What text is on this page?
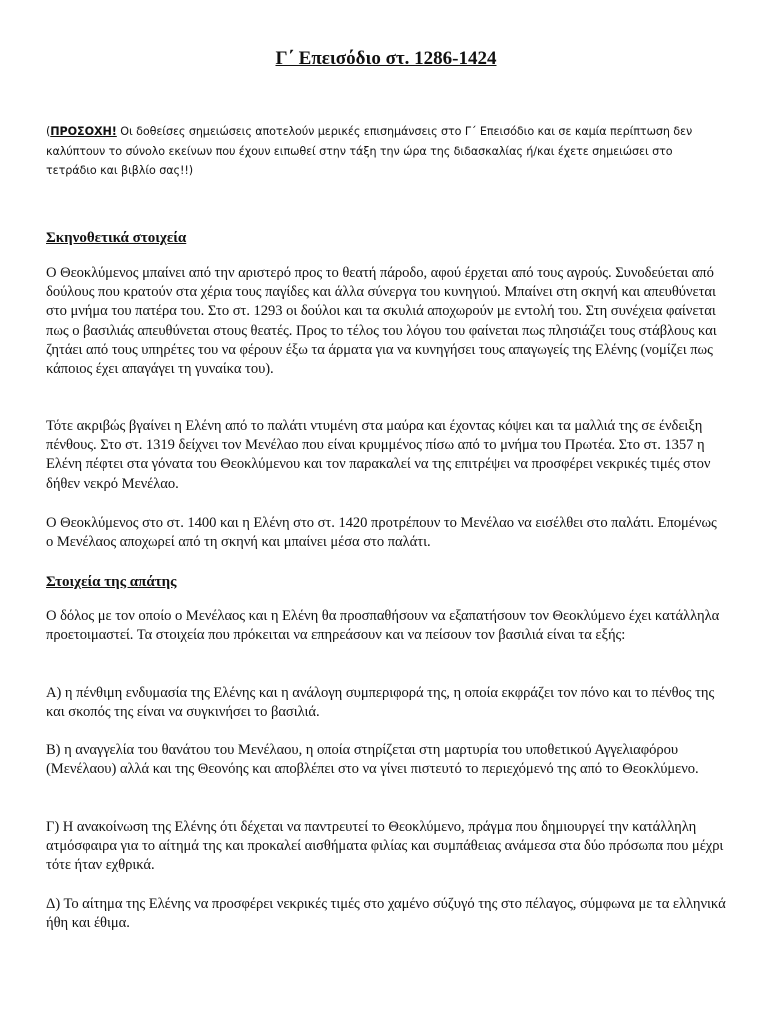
Γ΄ Επεισόδιο στ. 1286-1424
(ΠΡΟΣΟΧΗ! Οι δοθείσες σημειώσεις αποτελούν μερικές επισημάνσεις στο Γ΄ Επεισόδιο και σε καμία περίπτωση δεν καλύπτουν το σύνολο εκείνων που έχουν ειπωθεί στην τάξη την ώρα της διδασκαλίας ή/και έχετε σημειώσει στο τετράδιο και βιβλίο σας!!)
Σκηνοθετικά στοιχεία
Ο Θεοκλύμενος μπαίνει από την αριστερό προς το θεατή πάροδο, αφού έρχεται από τους αγρούς. Συνοδεύεται από δούλους που κρατούν στα χέρια τους παγίδες και άλλα σύνεργα του κυνηγιού. Μπαίνει στη σκηνή και απευθύνεται στο μνήμα του πατέρα του. Στο στ. 1293 οι δούλοι και τα σκυλιά αποχωρούν με εντολή του. Στη συνέχεια φαίνεται πως ο βασιλιάς απευθύνεται στους θεατές. Προς το τέλος του λόγου του φαίνεται πως πλησιάζει τους στάβλους και ζητάει από τους υπηρέτες του να φέρουν έξω τα άρματα για να κυνηγήσει τους απαγωγείς της Ελένης (νομίζει πως κάποιος έχει απαγάγει τη γυναίκα του).
Τότε ακριβώς βγαίνει η Ελένη από το παλάτι ντυμένη στα μαύρα και έχοντας κόψει και τα μαλλιά της σε ένδειξη πένθους. Στο στ. 1319 δείχνει τον Μενέλαο που είναι κρυμμένος πίσω από το μνήμα του Πρωτέα. Στο στ. 1357 η Ελένη πέφτει στα γόνατα του Θεοκλύμενου και τον παρακαλεί να της επιτρέψει να προσφέρει νεκρικές τιμές στον δήθεν νεκρό Μενέλαο.
Ο Θεοκλύμενος στο στ. 1400 και η Ελένη στο στ. 1420 προτρέπουν το Μενέλαο να εισέλθει στο παλάτι. Επομένως ο Μενέλαος αποχωρεί από τη σκηνή και μπαίνει μέσα στο παλάτι.
Στοιχεία της απάτης
Ο δόλος με τον οποίο ο Μενέλαος και η Ελένη θα προσπαθήσουν να εξαπατήσουν τον Θεοκλύμενο έχει κατάλληλα προετοιμαστεί. Τα στοιχεία που πρόκειται να επηρεάσουν και να πείσουν τον βασιλιά είναι τα εξής:
Α) η πένθιμη ενδυμασία της Ελένης και η ανάλογη συμπεριφορά της, η οποία εκφράζει τον πόνο και το πένθος της και σκοπός της είναι να συγκινήσει το βασιλιά.
Β) η αναγγελία του θανάτου του Μενέλαου, η οποία στηρίζεται στη μαρτυρία του υποθετικού Αγγελιαφόρου (Μενέλαου) αλλά και της Θεονόης και αποβλέπει στο να γίνει πιστευτό το περιεχόμενό της από το Θεοκλύμενο.
Γ) Η ανακοίνωση της Ελένης ότι δέχεται να παντρευτεί το Θεοκλύμενο, πράγμα που δημιουργεί την κατάλληλη ατμόσφαιρα για το αίτημά της και προκαλεί αισθήματα φιλίας και συμπάθειας ανάμεσα στα δύο πρόσωπα που μέχρι τότε ήταν εχθρικά.
Δ) Το αίτημα της Ελένης να προσφέρει νεκρικές τιμές στο χαμένο σύζυγό της στο πέλαγος, σύμφωνα με τα ελληνικά ήθη και έθιμα.
